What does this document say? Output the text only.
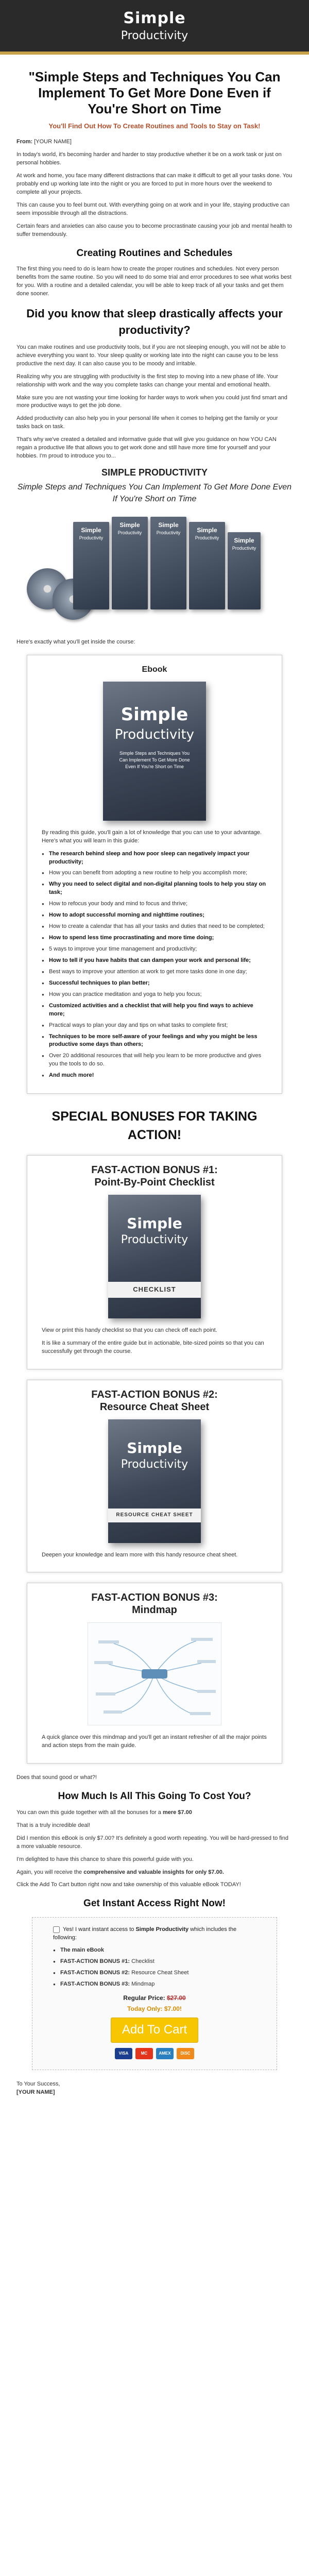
Simple
Productivity
"Simple Steps and Techniques You Can Implement To Get More Done Even if You're Short on Time
You'll Find Out How To Create Routines and Tools to Stay on Task!

From: [YOUR NAME]

In today's world, it's becoming harder and harder to stay productive whether it be on a work task or just on personal hobbies.

At work and home, you face many different distractions that can make it difficult to get all your tasks done. You probably end up working late into the night or you are forced to put in more hours over the weekend to complete all your projects.

This can cause you to feel burnt out. With everything going on at work and in your life, staying productive can seem impossible through all the distractions.

Certain fears and anxieties can also cause you to become procrastinate causing your job and mental health to suffer tremendously.

Creating Routines and Schedules

The first thing you need to do is learn how to create the proper routines and schedules. Not every person benefits from the same routine. So you will need to do some trial and error procedures to see what works best for you. With a routine and a detailed calendar, you will be able to keep track of all your tasks and get them done sooner.

Did you know that sleep drastically affects your productivity?

You can make routines and use productivity tools, but if you are not sleeping enough, you will not be able to achieve everything you want to. Your sleep quality or working late into the night can cause you to be less productive the next day. It can also cause you to be moody and irritable.

Realizing why you are struggling with productivity is the first step to moving into a new phase of life. Your relationship with work and the way you complete tasks can change your mental and emotional health.

Make sure you are not wasting your time looking for harder ways to work when you could just find smart and more productive ways to get the job done.

Added productivity can also help you in your personal life when it comes to helping get the family or your tasks back on task.

That's why we've created a detailed and informative guide that will give you guidance on how YOU CAN regain a productive life that allows you to get work done and still have more time for yourself and your hobbies. I'm proud to introduce you to...

SIMPLE PRODUCTIVITY
Simple Steps and Techniques You Can Implement To Get More Done Even If You're Short on Time
Simple
Productivity
Simple
Productivity
Simple
Productivity	Simple
Productivity	Simple
Productivity

Here's exactly what you'll get inside the course:

Ebook
Simple
Productivity
Simple Steps and Techniques You Can Implement To Get More Done Even If You're Short on Time

By reading this guide, you'll gain a lot of knowledge that you can use to your advantage. Here's what you will learn in this guide:

● The research behind sleep and how poor sleep can negatively impact your productivity;
● How you can benefit from adopting a new routine to help you accomplish more;
● Why you need to select digital and non-digital planning tools to help you stay on task;
● How to refocus your body and mind to focus and thrive;
● How to adopt successful morning and nighttime routines;
● How to create a calendar that has all your tasks and duties that need to be completed;
● How to spend less time procrastinating and more time doing;
● 5 ways to improve your time management and productivity;
● How to tell if you have habits that can dampen your work and personal life;
● Best ways to improve your attention at work to get more tasks done in one day;
● Successful techniques to plan better;
● How you can practice meditation and yoga to help you focus;
● Customized activities and a checklist that will help you find ways to achieve more;
● Practical ways to plan your day and tips on what tasks to complete first;
● Techniques to be more self-aware of your feelings and why you might be less productive some days than others;
● Over 20 additional resources that will help you learn to be more productive and gives you the tools to do so.
● And much more!
SPECIAL BONUSES FOR TAKING ACTION!
FAST-ACTION BONUS #1:
Point-By-Point Checklist
Simple
Productivity
CHECKLIST

View or print this handy checklist so that you can check off each point.

It is like a summary of the entire guide but in actionable, bite-sized points so that you can successfully get through the course.

FAST-ACTION BONUS #2:
Resource Cheat Sheet
Simple
Productivity
RESOURCE CHEAT SHEET

Deepen your knowledge and learn more with this handy resource cheat sheet.

FAST-ACTION BONUS #3:
Mindmap

A quick glance over this mindmap and you'll get an instant refresher of all the major points and action steps from the main guide.

Does that sound good or what?!

How Much Is All This Going To Cost You?

You can own this guide together with all the bonuses for a mere $7.00

That is a truly incredible deal!

Did I mention this eBook is only $7.00? It's definitely a good worth repeating. You will be hard-pressed to find a more valuable resource.

I'm delighted to have this chance to share this powerful guide with you.

Again, you will receive the comprehensive and valuable insights for only $7.00.

Click the Add To Cart button right now and take ownership of this valuable eBook TODAY!

Get Instant Access Right Now!
Yes! I want instant access to Simple Productivity which includes the following:
● The main eBook
● FAST-ACTION BONUS #1: Checklist
● FAST-ACTION BONUS #2: Resource Cheat Sheet
● FAST-ACTION BONUS #3: Mindmap
Regular Price: $27.00
Today Only: $7.00!
Add To Cart
VISA	MC	AMEX DISC

To Your Success,
[YOUR NAME]
